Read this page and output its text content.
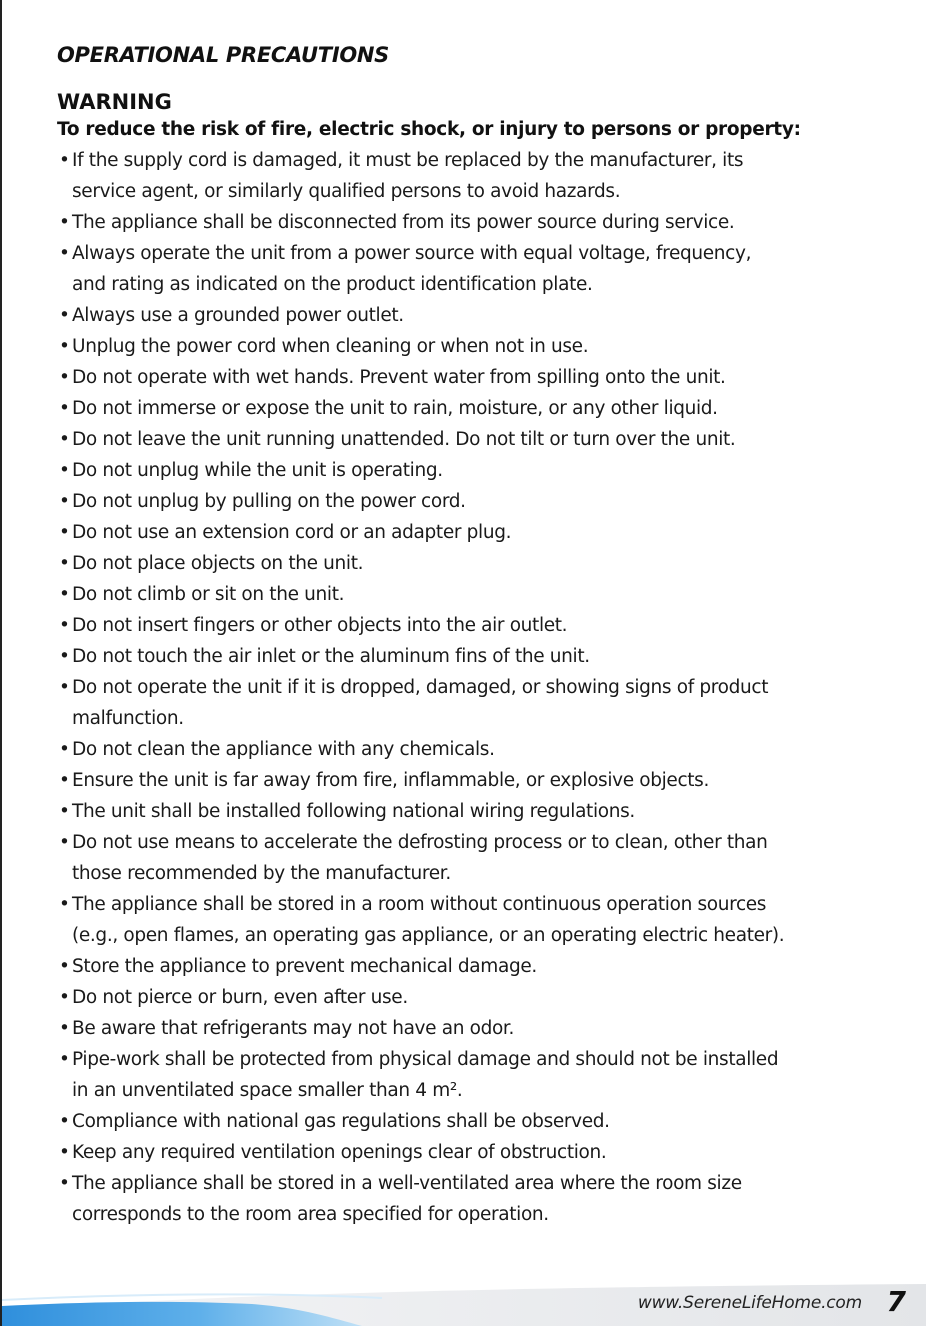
OPERATIONAL PRECAUTIONS
WARNING
To reduce the risk of fire, electric shock, or injury to persons or property:
• If the supply cord is damaged, it must be replaced by the manufacturer, its
service agent, or similarly qualified persons to avoid hazards.
• The appliance shall be disconnected from its power source during service.
• Always operate the unit from a power source with equal voltage, frequency,
and rating as indicated on the product identification plate.
• Always use a grounded power outlet.
• Unplug the power cord when cleaning or when not in use.
• Do not operate with wet hands. Prevent water from spilling onto the unit.
• Do not immerse or expose the unit to rain, moisture, or any other liquid.
• Do not leave the unit running unattended. Do not tilt or turn over the unit.
• Do not unplug while the unit is operating.
• Do not unplug by pulling on the power cord.
• Do not use an extension cord or an adapter plug.
• Do not place objects on the unit.
• Do not climb or sit on the unit.
• Do not insert fingers or other objects into the air outlet.
• Do not touch the air inlet or the aluminum fins of the unit.
• Do not operate the unit if it is dropped, damaged, or showing signs of product
malfunction.
• Do not clean the appliance with any chemicals.
• Ensure the unit is far away from fire, inflammable, or explosive objects.
• The unit shall be installed following national wiring regulations.
• Do not use means to accelerate the defrosting process or to clean, other than
those recommended by the manufacturer.
• The appliance shall be stored in a room without continuous operation sources
(e.g., open flames, an operating gas appliance, or an operating electric heater).
• Store the appliance to prevent mechanical damage.
• Do not pierce or burn, even after use.
• Be aware that refrigerants may not have an odor.
• Pipe-work shall be protected from physical damage and should not be installed
in an unventilated space smaller than 4 m².
• Compliance with national gas regulations shall be observed.
• Keep any required ventilation openings clear of obstruction.
• The appliance shall be stored in a well-ventilated area where the room size
corresponds to the room area specified for operation.
www.SereneLifeHome.com 7
